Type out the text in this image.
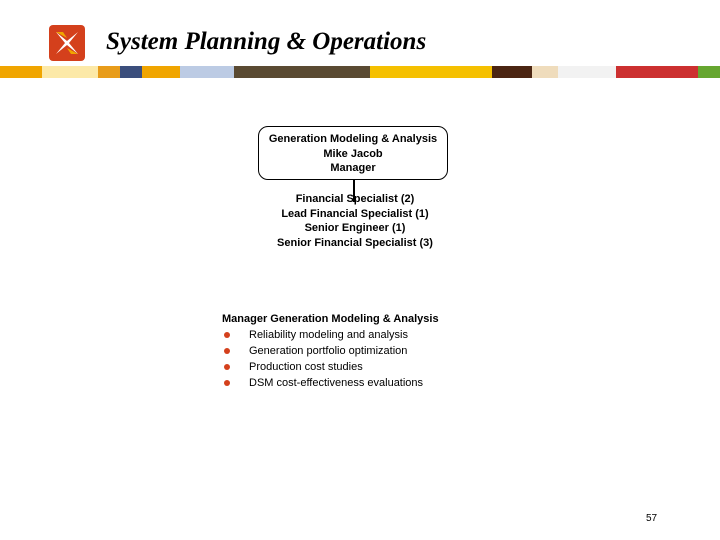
System Planning & Operations
Generation Modeling & Analysis
Mike Jacob
Manager
Financial Specialist (2)
Lead Financial Specialist (1)
Senior Engineer (1)
Senior Financial Specialist (3)
Manager Generation Modeling & Analysis
Reliability modeling and analysis
Generation portfolio optimization
Production cost studies
DSM cost-effectiveness evaluations
57
